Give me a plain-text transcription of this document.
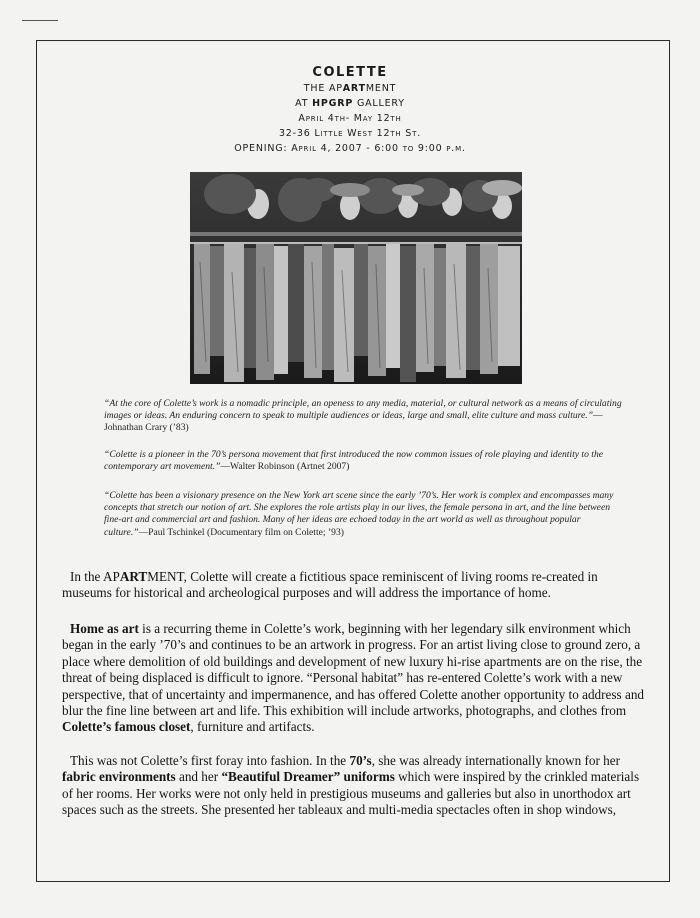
COLETTE
THE APARTMENT
AT HPGRP GALLERY
April 4th- May 12th
32-36 Little West 12th St.
OPENING: April 4, 2007 - 6:00 to 9:00 p.m.
“At the core of Colette’s work is a nomadic principle, an openess to any media, material, or cultural network as a means of circulating images or ideas. An enduring concern to speak to multiple audiences or ideas, large and small, elite culture and mass culture.”—Johnathan Crary (’83)
“Colette is a pioneer in the 70’s persona movement that first introduced the now common issues of role playing and identity to the contemporary art movement.”—Walter Robinson (Artnet 2007)
“Colette has been a visionary presence on the New York art scene since the early ’70’s. Her work is complex and encompasses many concepts that stretch our notion of art. She explores the role artists play in our lives, the female persona in art, and the line between fine-art and commercial art and fashion. Many of her ideas are echoed today in the art world as well as throughout popular culture.”—Paul Tschinkel (Documentary film on Colette; ’93)
In the APARTMENT, Colette will create a fictitious space reminiscent of living rooms re-created in museums for historical and archeological purposes and will address the importance of home.
Home as art is a recurring theme in Colette’s work, beginning with her legendary silk environment which began in the early ’70’s and continues to be an artwork in progress. For an artist living close to ground zero, a place where demolition of old buildings and development of new luxury hi-rise apartments are on the rise, the threat of being displaced is difficult to ignore. “Personal habitat” has re-entered Colette’s work with a new perspective, that of uncertainty and impermanence, and has offered Colette another opportunity to address and blur the fine line between art and life. This exhibition will include artworks, photographs, and clothes from Colette’s famous closet, furniture and artifacts.
This was not Colette’s first foray into fashion. In the 70’s, she was already internationally known for her fabric environments and her “Beautiful Dreamer” uniforms which were inspired by the crinkled materials of her rooms. Her works were not only held in prestigious museums and galleries but also in unorthodox art spaces such as the streets. She presented her tableaux and multi-media spectacles often in shop windows,
